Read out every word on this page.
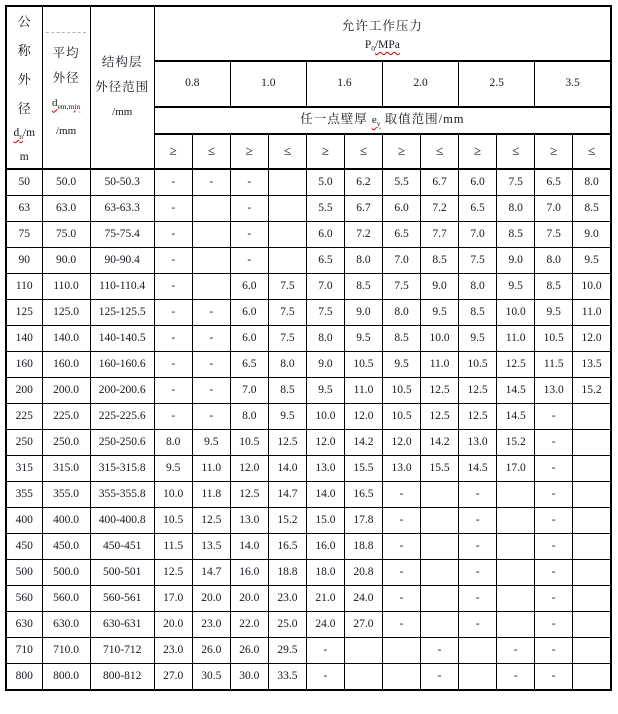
公
称
外
径
$d_n/m$
m

平均
外径
$d_{em,min}$
/mm

结构层
外径范围
/mm

允许工作压力
$P_0$/MPa

			0.8		1.0		1.6		2.0		2.5		3.5	
			任一点壁厚 $e_y$ 取值范围/mm											
			≥	≤	≥	≤	≥	≤	≥	≤	≥	≤	≥	≤
50	50.0	50-50.3	-	-	-		5.0	6.2	5.5	6.7	6.0	7.5	6.5	8.0
63	63.0	63-63.3	-		-		5.5	6.7	6.0	7.2	6.5	8.0	7.0	8.5
75	75.0	75-75.4	-		-		6.0	7.2	6.5	7.7	7.0	8.5	7.5	9.0
90	90.0	90-90.4	-		-		6.5	8.0	7.0	8.5	7.5	9.0	8.0	9.5
110	110.0	110-110.4	-		6.0	7.5	7.0	8.5	7.5	9.0	8.0	9.5	8.5	10.0
125	125.0	125-125.5	-	-	6.0	7.5	7.5	9.0	8.0	9.5	8.5	10.0	9.5	11.0
140	140.0	140-140.5	-	-	6.0	7.5	8.0	9.5	8.5	10.0	9.5	11.0	10.5	12.0
160	160.0	160-160.6	-	-	6.5	8.0	9.0	10.5	9.5	11.0	10.5	12.5	11.5	13.5
200	200.0	200-200.6	-	-	7.0	8.5	9.5	11.0	10.5	12.5	12.5	14.5	13.0	15.2
225	225.0	225-225.6	-	-	8.0	9.5	10.0	12.0	10.5	12.5	12.5	14.5	-	
250	250.0	250-250.6	8.0	9.5	10.5	12.5	12.0	14.2	12.0	14.2	13.0	15.2	-	
315	315.0	315-315.8	9.5	11.0	12.0	14.0	13.0	15.5	13.0	15.5	14.5	17.0	-	
355	355.0	355-355.8	10.0	11.8	12.5	14.7	14.0	16.5	-		-		-	
400	400.0	400-400.8	10.5	12.5	13.0	15.2	15.0	17.8	-		-		-	
450	450.0	450-451	11.5	13.5	14.0	16.5	16.0	18.8	-		-		-	
500	500.0	500-501	12.5	14.7	16.0	18.8	18.0	20.8	-		-		-	
560	560.0	560-561	17.0	20.0	20.0	23.0	21.0	24.0	-		-		-	
630	630.0	630-631	20.0	23.0	22.0	25.0	24.0	27.0	-		-		-	
710	710.0	710-712	23.0	26.0	26.0	29.5	-			-		-	-	
800	800.0	800-812	27.0	30.5	30.0	33.5	-			-		-	-	
